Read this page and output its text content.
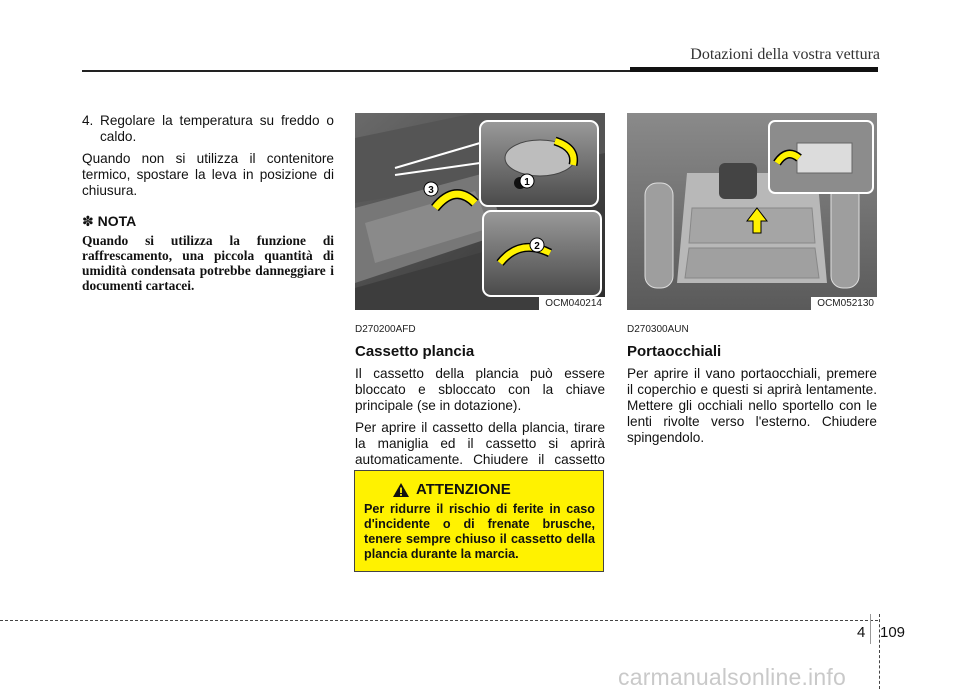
Dotazioni della vostra vettura
4. Regolare la temperatura su freddo o caldo.

Quando non si utilizza il contenitore termico, spostare la leva in posizione di chiusura.

✽ NOTA
Quando si utilizza la funzione di raffrescamento, una piccola quantità di umidità condensata potrebbe danneggiare i documenti cartacei.
1
2
3
OCM040214
D270200AFD
Cassetto plancia

Il cassetto della plancia può essere bloccato e sbloccato con la chiave principale (se in dotazione).

Per aprire il cassetto della plancia, tirare la maniglia ed il cassetto si aprirà automaticamente. Chiudere il cassetto

ATTENZIONE
Per ridurre il rischio di ferite in caso d'incidente o di frenate brusche, tenere sempre chiuso il cassetto della plancia durante la marcia.
OCM052130
D270300AUN
Portaocchiali

Per aprire il vano portaocchiali, premere il coperchio e questi si aprirà lentamente. Mettere gli occhiali nello sportello con le lenti rivolte verso l'esterno. Chiudere spingendolo.

4 109
carmanualsonline.info
